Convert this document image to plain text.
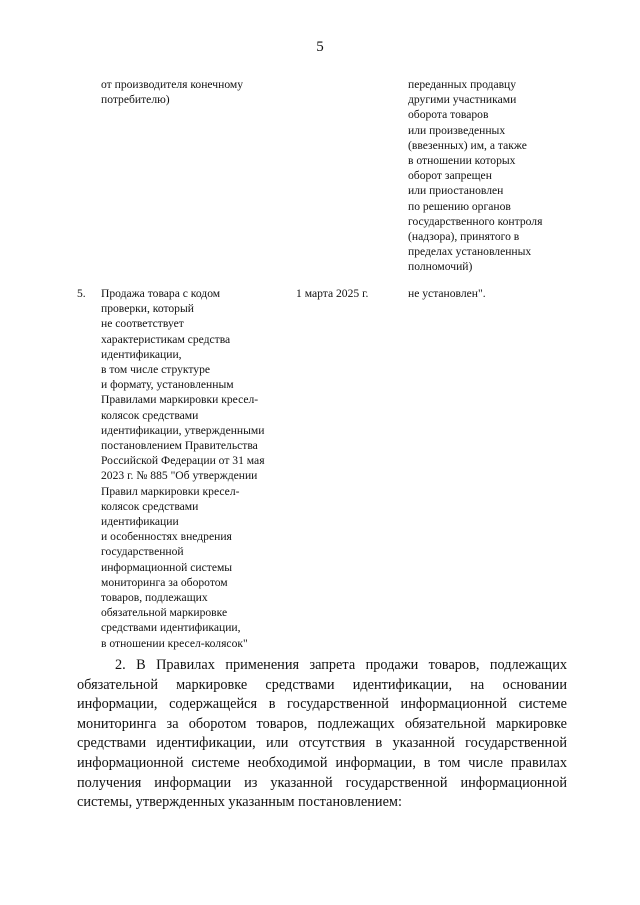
5
от производителя конечному
потребителю)
переданных продавцу
другими участниками
оборота товаров
или произведенных
(ввезенных) им, а также
в отношении которых
оборот запрещен
или приостановлен
по решению органов
государственного контроля
(надзора), принятого в
пределах установленных
полномочий)
5.	Продажа товара с кодом
проверки, который
не соответствует
характеристикам средства
идентификации,
в том числе структуре
и формату, установленным
Правилами маркировки кресел-
колясок средствами
идентификации, утвержденными
постановлением Правительства
Российской Федерации от 31 мая
2023 г. № 885 "Об утверждении
Правил маркировки кресел-
колясок средствами
идентификации
и особенностях внедрения
государственной
информационной системы
мониторинга за оборотом
товаров, подлежащих
обязательной маркировке
средствами идентификации,
в отношении кресел-колясок"
1 марта 2025 г.	не установлен".
2. В Правилах применения запрета продажи товаров, подлежащих обязательной маркировке средствами идентификации, на основании информации, содержащейся в государственной информационной системе мониторинга за оборотом товаров, подлежащих обязательной маркировке средствами идентификации, или отсутствия в указанной государственной информационной системе необходимой информации, в том числе правилах получения информации из указанной государственной информационной системы, утвержденных указанным постановлением:
